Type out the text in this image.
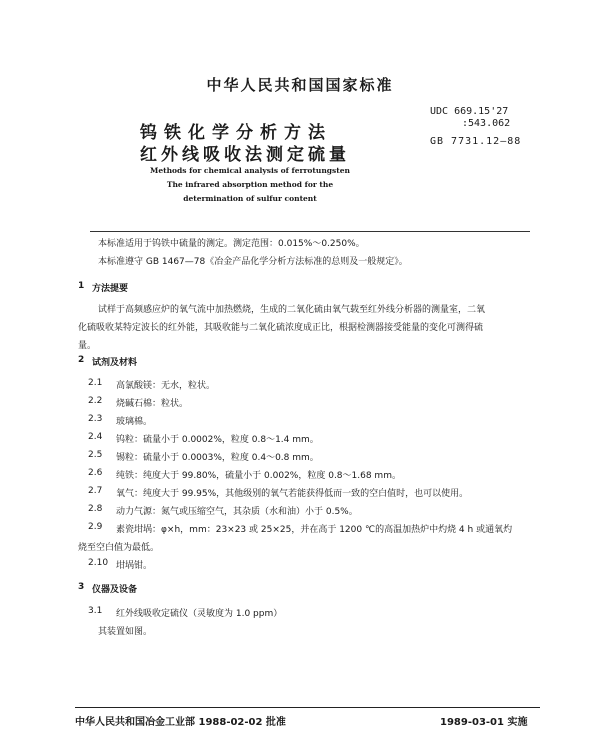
中华人民共和国国家标准
钨铁化学分析方法
红外线吸收法测定硫量
UDC 669.15'27
:543.062
GB 7731.12—88
Methods for chemical analysis of ferrotungsten
The infrared absorption method for the
determination of sulfur content
本标准适用于钨铁中硫量的测定。测定范围：0.015%～0.250%。
本标准遵守 GB 1467—78《冶金产品化学分析方法标准的总则及一般规定》。
1 方法提要
试样于高频感应炉的氧气流中加热燃烧，生成的二氧化硫由氧气载至红外线分析器的测量室，二氧
化硫吸收某特定波长的红外能，其吸收能与二氧化硫浓度成正比，根据检测器接受能量的变化可测得硫
量。
2 试剂及材料
2.1 高氯酸镁：无水，粒状。
2.2 烧碱石棉：粒状。
2.3 玻璃棉。
2.4 钨粒：硫量小于 0.0002%，粒度 0.8～1.4 mm。
2.5 锡粒：硫量小于 0.0003%，粒度 0.4～0.8 mm。
2.6 纯铁：纯度大于 99.80%，硫量小于 0.002%，粒度 0.8～1.68 mm。
2.7 氧气：纯度大于 99.95%，其他级别的氧气若能获得低而一致的空白值时，也可以使用。
2.8 动力气源：氮气或压缩空气，其杂质（水和油）小于 0.5%。
2.9 素瓷坩埚：φ×h，mm：23×23 或 25×25，并在高于 1200 ℃的高温加热炉中灼烧 4 h 或通氧灼
烧至空白值为最低。
2.10 坩埚钳。
3 仪器及设备
3.1 红外线吸收定硫仪（灵敏度为 1.0 ppm）
其装置如图。
中华人民共和国冶金工业部 1988-02-02 批准	1989-03-01 实施
